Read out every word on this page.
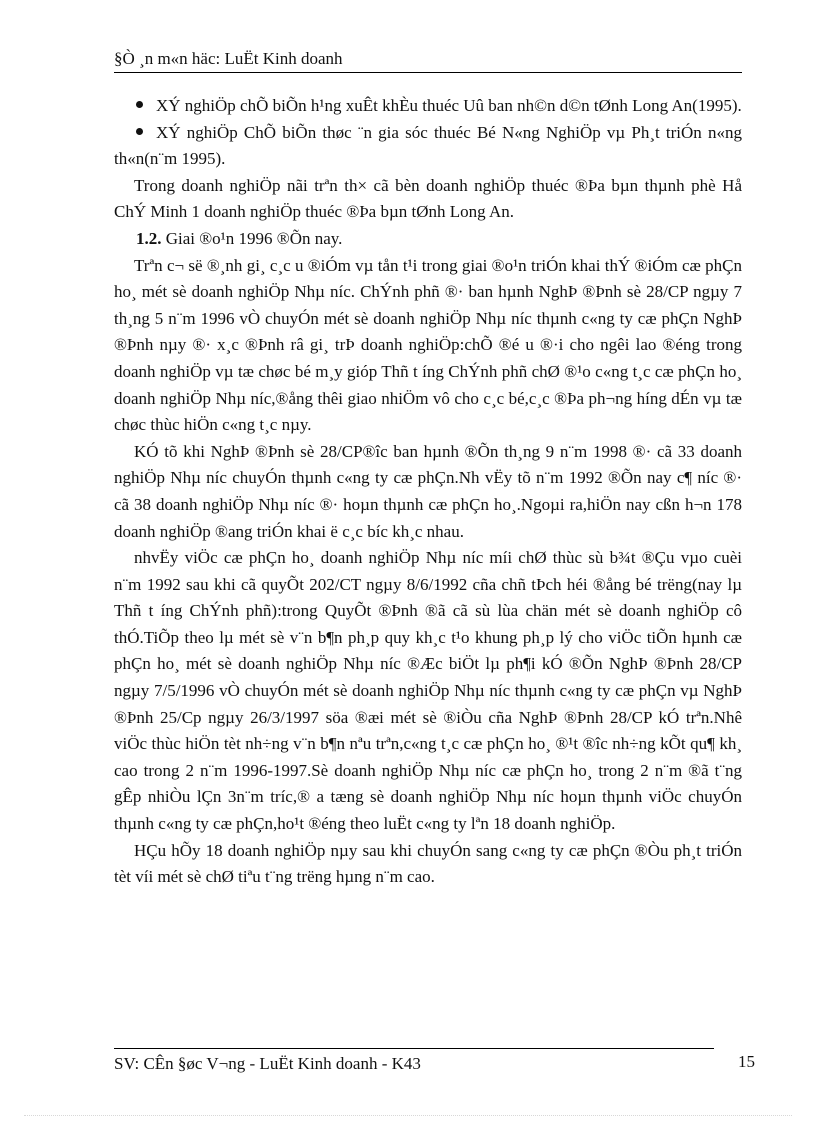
§Ò ¸n m«n häc: LuËt Kinh doanh

XÝ nghiÖp chÕ biÕn h¹ng xuÊt khÈu thuéc Uû ban nh©n d©n tØnh Long An(1995).

XÝ nghiÖp ChÕ biÕn thøc ¨n gia sóc thuéc Bé N«ng NghiÖp vµ Ph¸t triÓn n«ng th«n(n¨m 1995).

Trong doanh nghiÖp nãi trªn th× cã bèn doanh nghiÖp thuéc ®Þa bµn thµnh phè Hå ChÝ Minh 1 doanh nghiÖp thuéc ®Þa bµn tØnh Long An.

1.2. Giai ®o¹n 1996 ®Õn nay.

Trªn c¬ së ®¸nh gi¸ c¸c u ®iÓm vµ tån t¹i trong giai ®o¹n triÓn khai thÝ ®iÓm cæ phÇn ho¸ mét sè doanh nghiÖp Nhµ níc. ChÝnh phñ ®· ban hµnh NghÞ ®Þnh sè 28/CP ngµy 7 th¸ng 5 n¨m 1996 vÒ chuyÓn mét sè doanh nghiÖp Nhµ níc thµnh c«ng ty cæ phÇn NghÞ ®Þnh nµy ®· x¸c ®Þnh râ gi¸ trÞ doanh nghiÖp:chÕ ®é u ®·i cho ngêi lao ®éng trong doanh nghiÖp vµ tæ chøc bé m¸y gióp Thñ t íng ChÝnh phñ chØ ®¹o c«ng t¸c cæ phÇn ho¸ doanh nghiÖp Nhµ níc,®ång thêi giao nhiÖm vô cho c¸c bé,c¸c ®Þa ph¬ng híng dÉn vµ tæ chøc thùc hiÖn c«ng t¸c nµy.

KÓ tõ khi NghÞ ®Þnh sè 28/CP®îc ban hµnh ®Õn th¸ng 9 n¨m 1998 ®· cã 33 doanh nghiÖp Nhµ níc chuyÓn thµnh c«ng ty cæ phÇn.Nh vËy tõ n¨m 1992 ®Õn nay c¶ níc ®· cã 38 doanh nghiÖp Nhµ níc ®· hoµn thµnh cæ phÇn ho¸.Ngoµi ra,hiÖn nay cßn h¬n 178 doanh nghiÖp ®ang triÓn khai ë c¸c bíc kh¸c nhau.

nhvËy viÖc cæ phÇn ho¸ doanh nghiÖp Nhµ níc míi chØ thùc sù b¾t ®Çu vµo cuèi n¨m 1992 sau khi cã quyÕt 202/CT ngµy 8/6/1992 cña chñ tÞch héi ®ång bé trëng(nay lµ Thñ t íng ChÝnh phñ):trong QuyÕt ®Þnh ®ã cã sù lùa chän mét sè doanh nghiÖp cô thÓ.TiÕp theo lµ mét sè v¨n b¶n ph¸p quy kh¸c t¹o khung ph¸p lý cho viÖc tiÕn hµnh cæ phÇn ho¸ mét sè doanh nghiÖp Nhµ níc ®Æc biÖt lµ ph¶i kÓ ®Õn NghÞ ®Þnh 28/CP ngµy 7/5/1996 vÒ chuyÓn mét sè doanh nghiÖp Nhµ níc thµnh c«ng ty cæ phÇn vµ NghÞ ®Þnh 25/Cp ngµy 26/3/1997 söa ®æi mét sè ®iÒu cña NghÞ ®Þnh 28/CP kÓ trªn.Nhê viÖc thùc hiÖn tèt nh÷ng v¨n b¶n nªu trªn,c«ng t¸c cæ phÇn ho¸ ®¹t ®îc nh÷ng kÕt qu¶ kh¸ cao trong 2 n¨m 1996-1997.Sè doanh nghiÖp Nhµ níc cæ phÇn ho¸ trong 2 n¨m ®ã t¨ng gÊp nhiÒu lÇn 3n¨m tríc,® a tæng sè doanh nghiÖp Nhµ níc hoµn thµnh viÖc chuyÓn thµnh c«ng ty cæ phÇn,ho¹t ®éng theo luËt c«ng ty lªn 18 doanh nghiÖp.

HÇu hÕy 18 doanh nghiÖp nµy sau khi chuyÓn sang c«ng ty cæ phÇn ®Òu ph¸t triÓn tèt víi mét sè chØ tiªu t¨ng trëng hµng n¨m cao.

SV: CÊn §øc V¬ng - LuËt Kinh doanh - K43	15
